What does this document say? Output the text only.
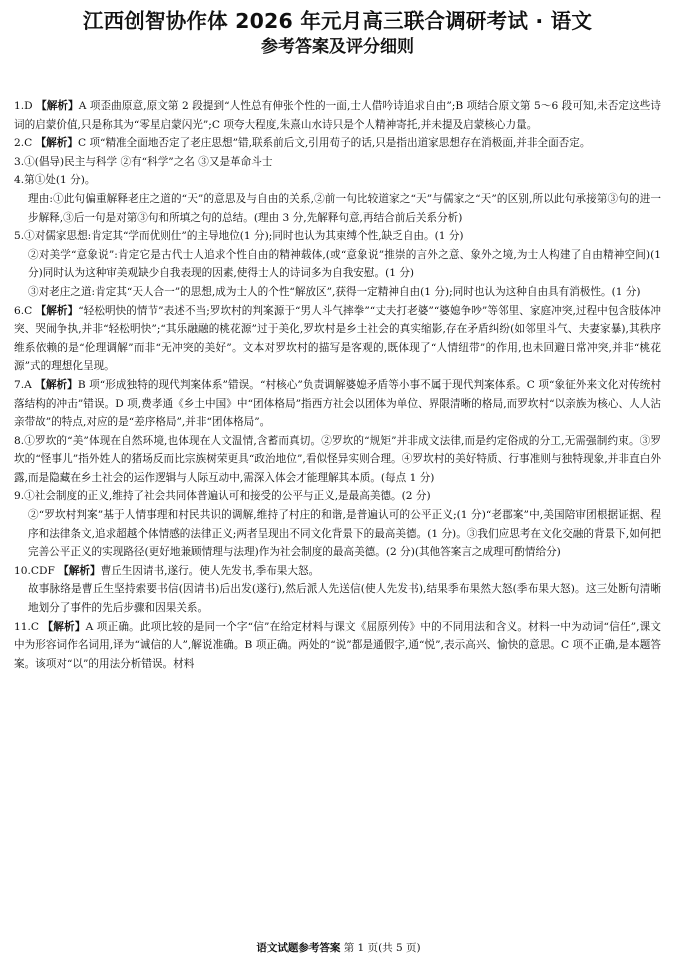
江西创智协作体 2026 年元月高三联合调研考试 · 语文
参考答案及评分细则

1.D 【解析】A 项歪曲原意,原文第 2 段提到“人性总有伸张个性的一面,士人借吟诗追求自由”;B 项结合原文第 5～6 段可知,未否定这些诗词的启蒙价值,只是称其为“零星启蒙闪光”;C 项夸大程度,朱熹山水诗只是个人精神寄托,并未提及启蒙核心力量。

2.C 【解析】C 项“精准全面地否定了老庄思想”错,联系前后文,引用荀子的话,只是指出道家思想存在消极面,并非全面否定。

3.①(倡导)民主与科学 ②有“科学”之名 ③又是革命斗士

4.第①处(1 分)。

理由:①此句偏重解释老庄之道的“天”的意思及与自由的关系,②前一句比较道家之“天”与儒家之“天”的区别,所以此句承接第③句的进一步解释,③后一句是对第③句和所填之句的总结。(理由 3 分,先解释句意,再结合前后关系分析)

5.①对儒家思想:肯定其“学而优则仕”的主导地位(1 分);同时也认为其束缚个性,缺乏自由。(1 分)

②对美学“意象说”:肯定它是古代士人追求个性自由的精神载体,(或“意象说”推崇的言外之意、象外之境,为士人构建了自由精神空间)(1 分)同时认为这种审美观缺少自我表现的因素,使得士人的诗词多为自我安慰。(1 分)

③对老庄之道:肯定其“天人合一”的思想,成为士人的个性“解放区”,获得一定精神自由(1 分);同时也认为这种自由具有消极性。(1 分)

6.C 【解析】“轻松明快的情节”表述不当;罗坎村的判案源于“男人斗气摔拳”“丈夫打老婆”“婆媳争吵”等邻里、家庭冲突,过程中包含肢体冲突、哭闹争执,并非“轻松明快”;“其乐融融的桃花源”过于美化,罗坎村是乡土社会的真实缩影,存在矛盾纠纷(如邻里斗气、夫妻家暴),其秩序维系依赖的是“伦理调解”而非“无冲突的美好”。文本对罗坎村的描写是客观的,既体现了“人情纽带”的作用,也未回避日常冲突,并非“桃花源”式的理想化呈现。

7.A 【解析】B 项“形成独特的现代判案体系”错误。“村核心”负责调解婆媳矛盾等小事不属于现代判案体系。C 项“象征外来文化对传统村落结构的冲击”错误。D 项,费孝通《乡土中国》中“团体格局”指西方社会以团体为单位、界限清晰的格局,而罗坎村“以亲族为核心、人人沾亲带故”的特点,对应的是“差序格局”,并非“团体格局”。

8.①罗坎的“美”体现在自然环境,也体现在人文温情,含蓄而真切。②罗坎的“规矩”并非成文法律,而是约定俗成的分工,无需强制约束。③罗坎的“怪事儿”指外姓人的猪场反而比宗族树荣更具“政治地位”,看似怪异实则合理。④罗坎村的美好特质、行事准则与独特现象,并非直白外露,而是隐藏在乡土社会的运作逻辑与人际互动中,需深入体会才能理解其本质。(每点 1 分)

9.①社会制度的正义,维持了社会共同体普遍认可和接受的公平与正义,是最高美德。(2 分)

②“罗坎村判案”基于人情事理和村民共识的调解,维持了村庄的和谐,是普遍认可的公平正义;(1 分)“老郡案”中,美国陪审团根据证据、程序和法律条文,追求超越个体情感的法律正义;两者呈现出不同文化背景下的最高美德。(1 分)。③我们应思考在文化交融的背景下,如何把完善公平正义的实现路径(更好地兼顾情理与法理)作为社会制度的最高美德。(2 分)(其他答案言之成理可酌情给分)

10.CDF 【解析】曹丘生因请书,遂行。使人先发书,季布果大怒。

故事脉络是曹丘生坚持索要书信(因请书)后出发(遂行),然后派人先送信(使人先发书),结果季布果然大怒(季布果大怒)。这三处断句清晰地划分了事件的先后步骤和因果关系。

11.C 【解析】A 项正确。此项比较的是同一个字“信”在给定材料与课文《屈原列传》中的不同用法和含义。材料一中为动词“信任”,课文中为形容词作名词用,译为“诚信的人”,解说准确。B 项正确。两处的“说”都是通假字,通“悦”,表示高兴、愉快的意思。C 项不正确,是本题答案。该项对“以”的用法分析错误。材料

语文试题参考答案 第 1 页(共 5 页)
